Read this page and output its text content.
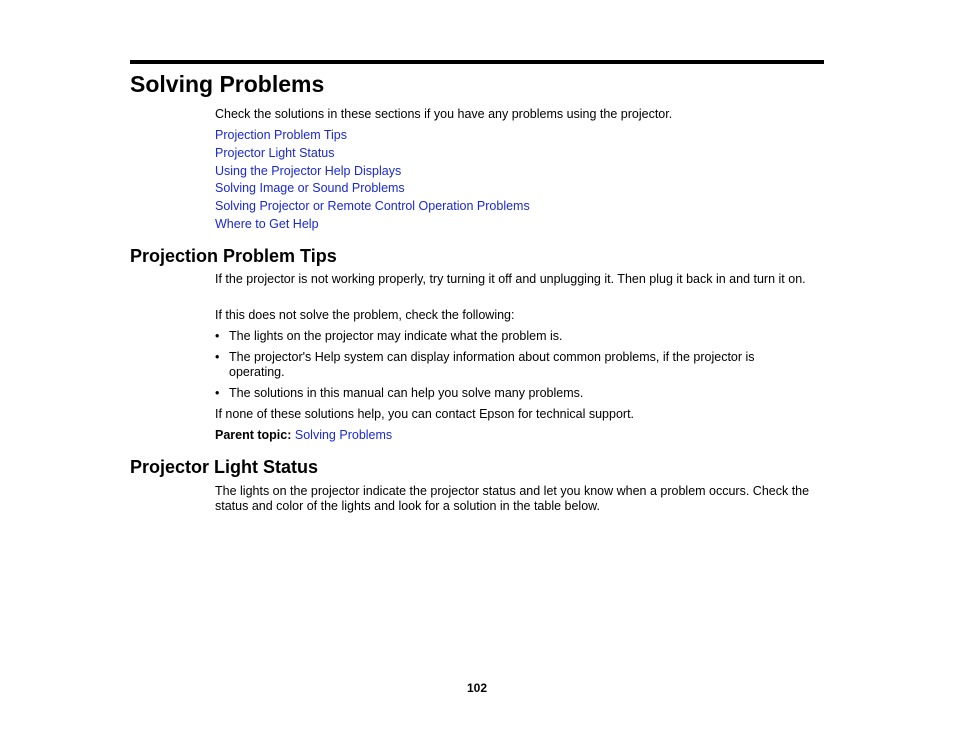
Solving Problems

Check the solutions in these sections if you have any problems using the projector.

Projection Problem Tips
Projector Light Status
Using the Projector Help Displays
Solving Image or Sound Problems
Solving Projector or Remote Control Operation Problems
Where to Get Help
Projection Problem Tips

If the projector is not working properly, try turning it off and unplugging it. Then plug it back in and turn it on.

If this does not solve the problem, check the following:

• The lights on the projector may indicate what the problem is.
• The projector's Help system can display information about common problems, if the projector is operating.
• The solutions in this manual can help you solve many problems.

If none of these solutions help, you can contact Epson for technical support.

Parent topic: Solving Problems

Projector Light Status

The lights on the projector indicate the projector status and let you know when a problem occurs. Check the status and color of the lights and look for a solution in the table below.

102
